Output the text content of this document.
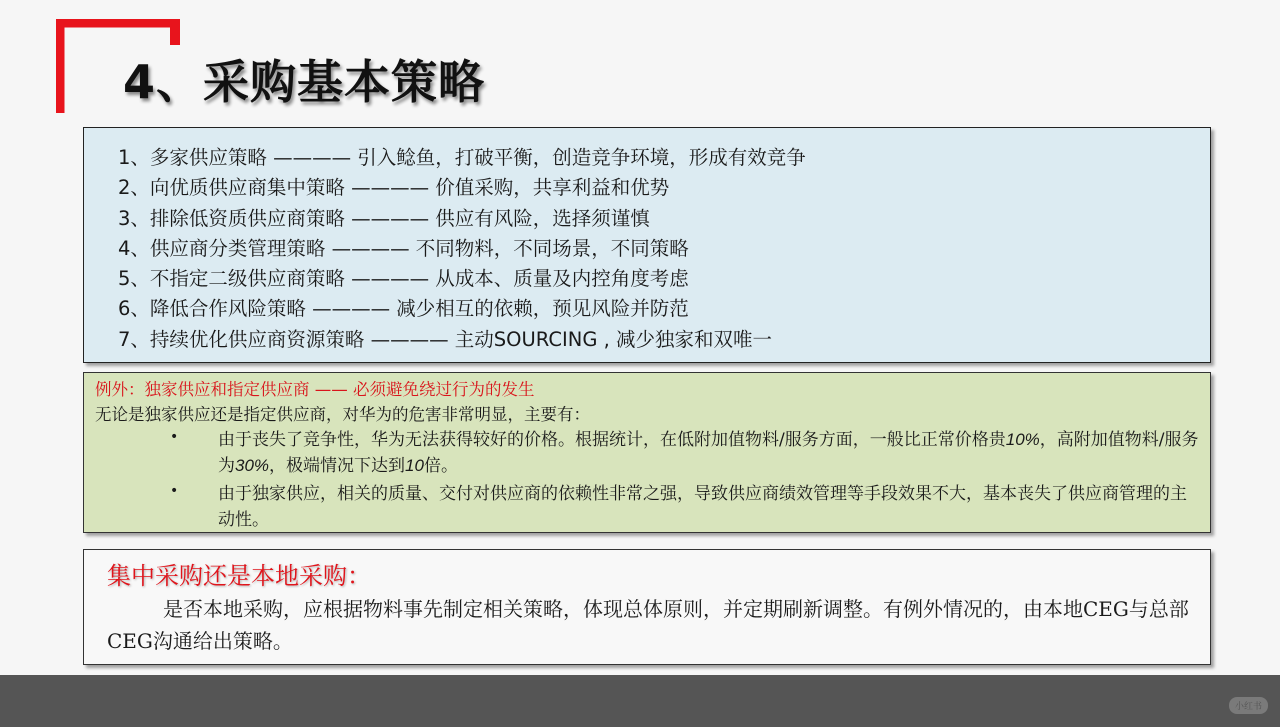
4、采购基本策略
1、多家供应策略 ———— 引入鲶鱼，打破平衡，创造竞争环境，形成有效竞争
2、向优质供应商集中策略 ———— 价值采购，共享利益和优势
3、排除低资质供应商策略 ———— 供应有风险，选择须谨慎
4、供应商分类管理策略 ———— 不同物料，不同场景，不同策略
5、不指定二级供应商策略 ———— 从成本、质量及内控角度考虑
6、降低合作风险策略 ———— 减少相互的依赖，预见风险并防范
7、持续优化供应商资源策略 ———— 主动SOURCING , 减少独家和双唯一
例外：独家供应和指定供应商 —— 必须避免绕过行为的发生
无论是独家供应还是指定供应商，对华为的危害非常明显，主要有：
• 由于丧失了竞争性，华为无法获得较好的价格。根据统计，在低附加值物料/服务方面，一般比正常价格贵10%，高附加值物料/服务为30%，极端情况下达到10倍。
• 由于独家供应，相关的质量、交付对供应商的依赖性非常之强，导致供应商绩效管理等手段效果不大，基本丧失了供应商管理的主动性。
集中采购还是本地采购：
是否本地采购，应根据物料事先制定相关策略，体现总体原则，并定期刷新调整。有例外情况的，由本地CEG与总部CEG沟通给出策略。
小红书
